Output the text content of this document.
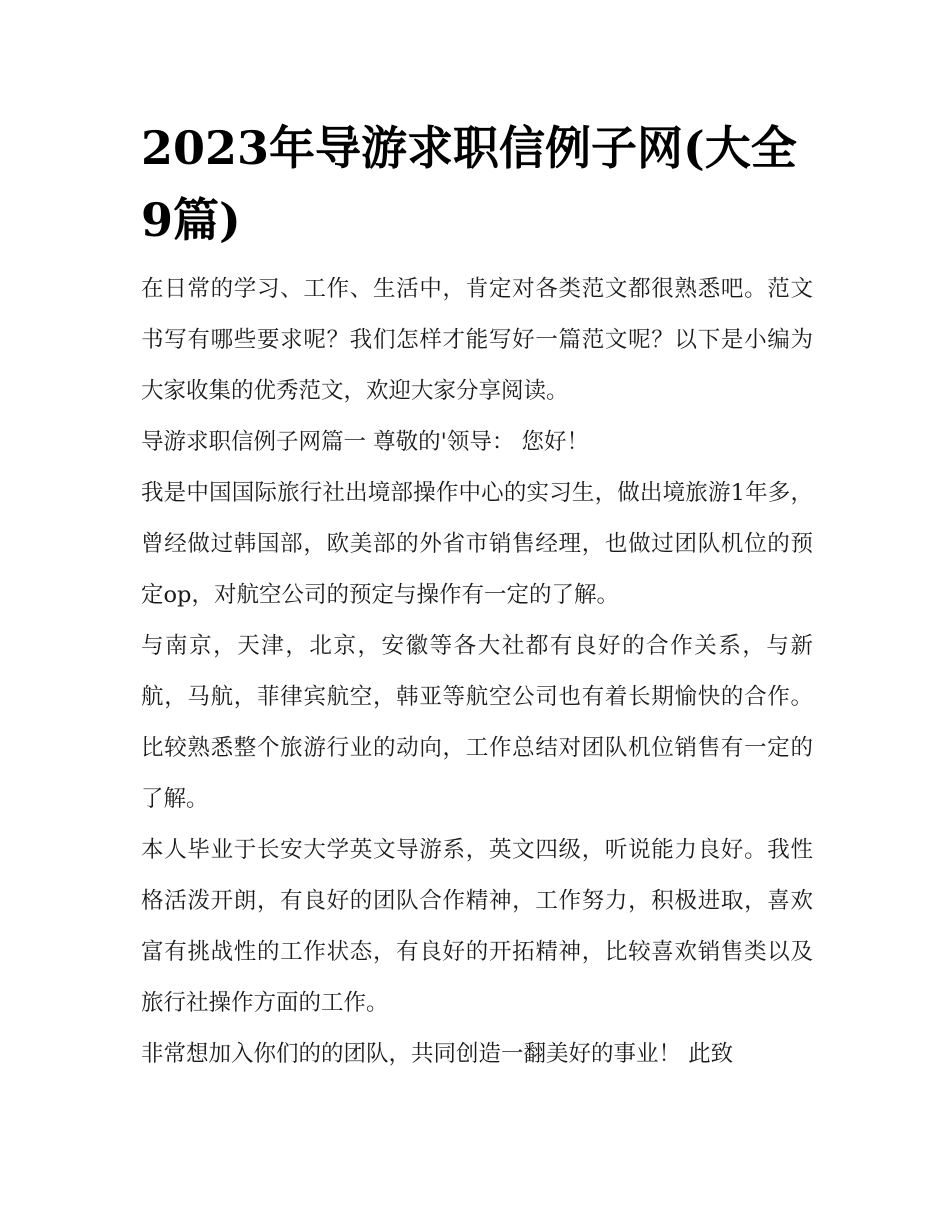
2023年导游求职信例子网(大全9篇)

在日常的学习、工作、生活中，肯定对各类范文都很熟悉吧。范文书写有哪些要求呢？我们怎样才能写好一篇范文呢？以下是小编为大家收集的优秀范文，欢迎大家分享阅读。

导游求职信例子网篇一 尊敬的'领导： 您好！

我是中国国际旅行社出境部操作中心的实习生，做出境旅游1年多，曾经做过韩国部，欧美部的外省市销售经理，也做过团队机位的预定op，对航空公司的预定与操作有一定的了解。

与南京，天津，北京，安徽等各大社都有良好的合作关系，与新航，马航，菲律宾航空，韩亚等航空公司也有着长期愉快的合作。比较熟悉整个旅游行业的动向，工作总结对团队机位销售有一定的了解。

本人毕业于长安大学英文导游系，英文四级，听说能力良好。我性格活泼开朗，有良好的团队合作精神，工作努力，积极进取，喜欢富有挑战性的工作状态，有良好的开拓精神，比较喜欢销售类以及旅行社操作方面的工作。

非常想加入你们的的团队，共同创造一翻美好的事业！ 此致
